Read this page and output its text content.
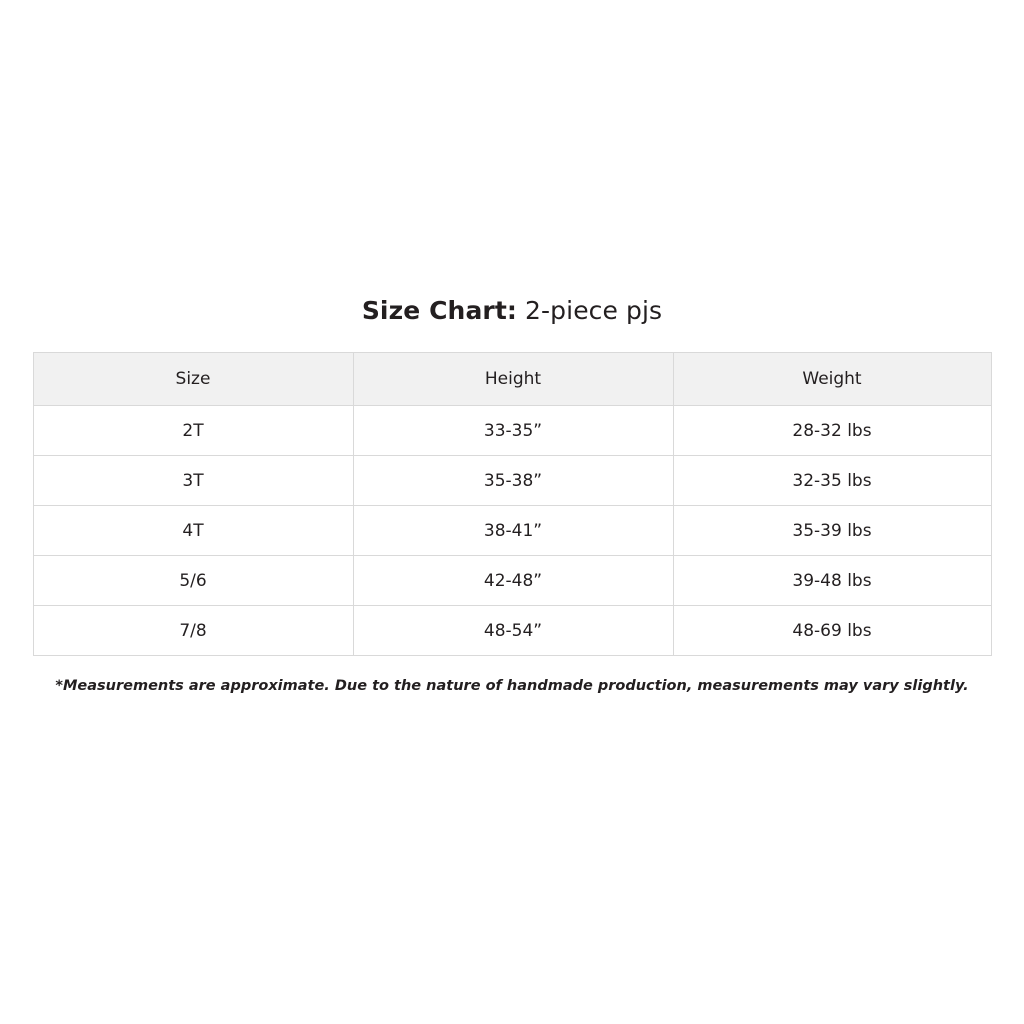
Size Chart: 2-piece pjs
Size	Height	Weight
2T	33-35”	28-32 lbs
3T	35-38”	32-35 lbs
4T	38-41”	35-39 lbs
5/6	42-48”	39-48 lbs
7/8	48-54”	48-69 lbs

*Measurements are approximate. Due to the nature of handmade production, measurements may vary slightly.
